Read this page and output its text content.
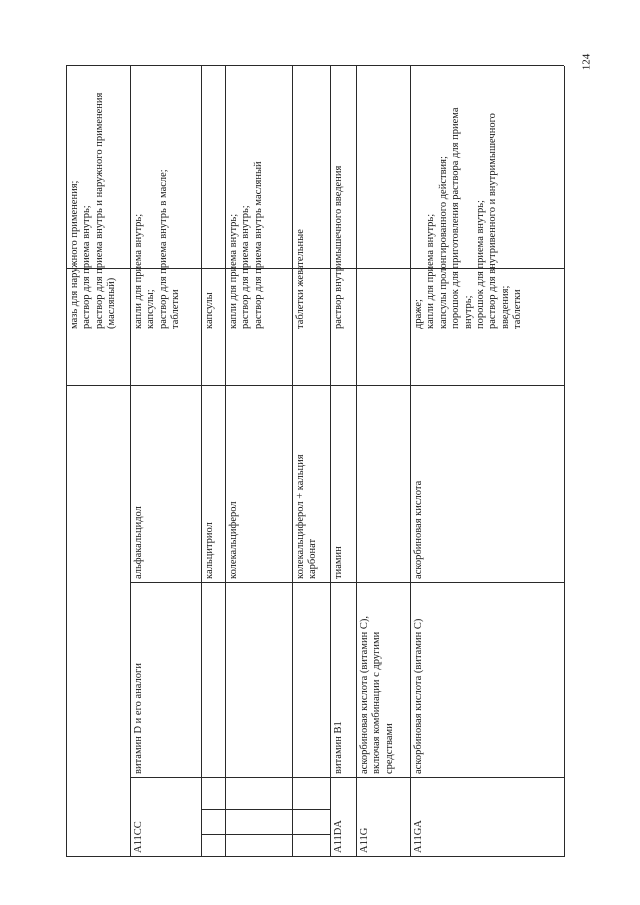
мазь для наружного применения; раствор для приема внутрь; раствор для приема внутрь и наружного применения (масляный)
A11CC
витамин D и его аналоги
альфакальцидол
капли для приема внутрь; капсулы; раствор для приема внутрь в масле; таблетки
кальцитриол
капсулы
колекальциферол
капли для приема внутрь; раствор для приема внутрь; раствор для приема внутрь масляный
колекальциферол + кальция карбонат
таблетки жевательные
A11DA
витамин B1
тиамин
раствор внутримышечного введения
A11G
аскорбиновая кислота (витамин C), включая комбинации с другими средствами
A11GA
аскорбиновая кислота (витамин C)
аскорбиновая кислота
драже; капли для приема внутрь; капсулы пролонгированного действия; порошок для приготовления раствора для приема внутрь; порошок для приема внутрь; раствор для внутривенного и внутримышечного введения; таблетки
124
